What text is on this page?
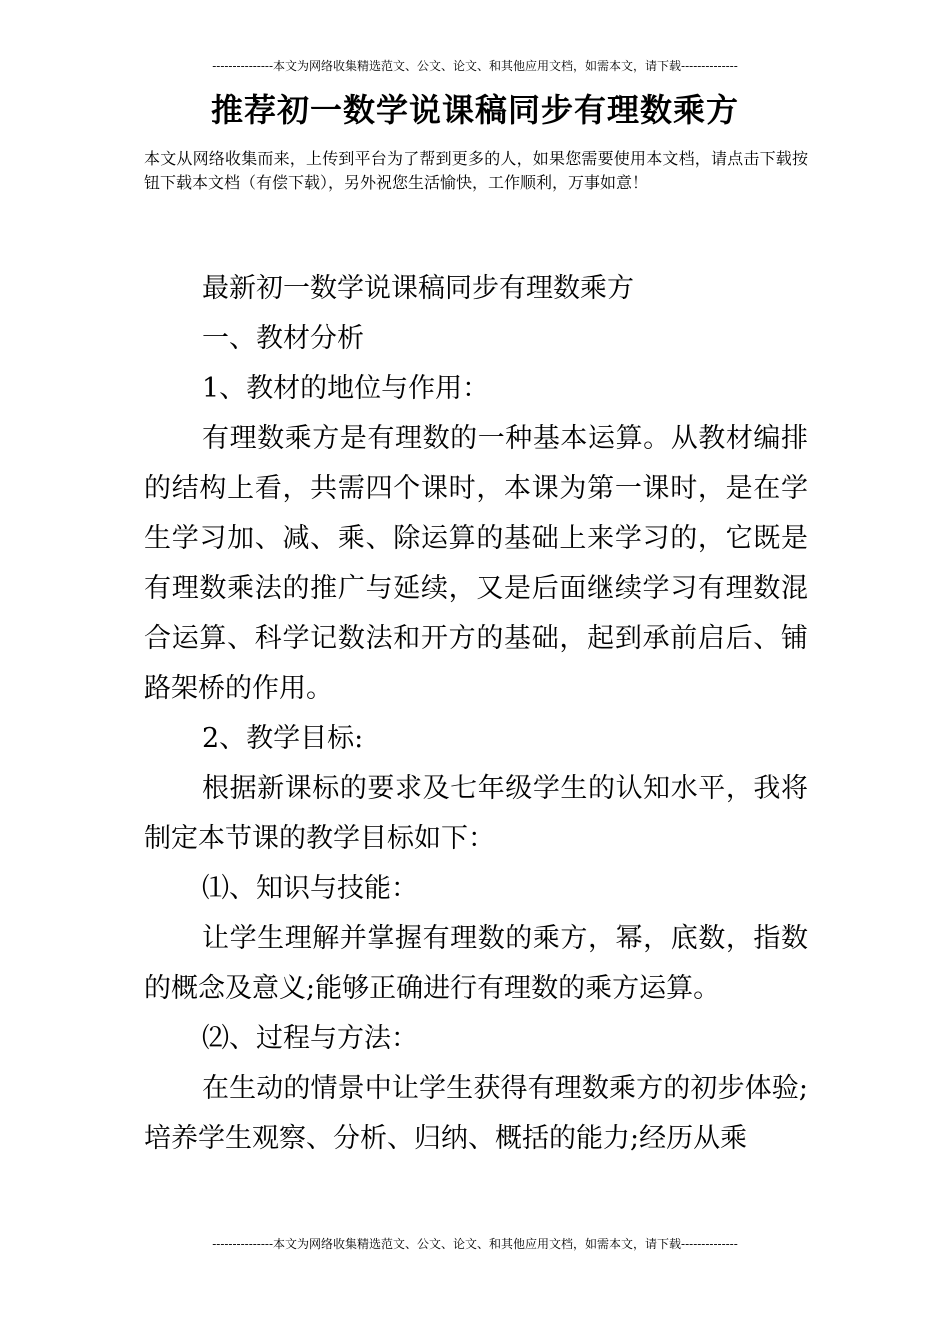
---------------本文为网络收集精选范文、公文、论文、和其他应用文档，如需本文，请下载--------------
推荐初一数学说课稿同步有理数乘方
本文从网络收集而来，上传到平台为了帮到更多的人，如果您需要使用本文档，请点击下载按钮下载本文档（有偿下载），另外祝您生活愉快，工作顺利，万事如意！

最新初一数学说课稿同步有理数乘方

一、教材分析

1、教材的地位与作用：

有理数乘方是有理数的一种基本运算。从教材编排的结构上看，共需四个课时，本课为第一课时，是在学生学习加、减、乘、除运算的基础上来学习的，它既是有理数乘法的推广与延续，又是后面继续学习有理数混合运算、科学记数法和开方的基础，起到承前启后、铺路架桥的作用。

2、教学目标:

根据新课标的要求及七年级学生的认知水平，我将制定本节课的教学目标如下：

⑴、知识与技能：

让学生理解并掌握有理数的乘方，幂，底数，指数的概念及意义;能够正确进行有理数的乘方运算。

⑵、过程与方法：

在生动的情景中让学生获得有理数乘方的初步体验;培养学生观察、分析、归纳、概括的能力;经历从乘

---------------本文为网络收集精选范文、公文、论文、和其他应用文档，如需本文，请下载--------------
